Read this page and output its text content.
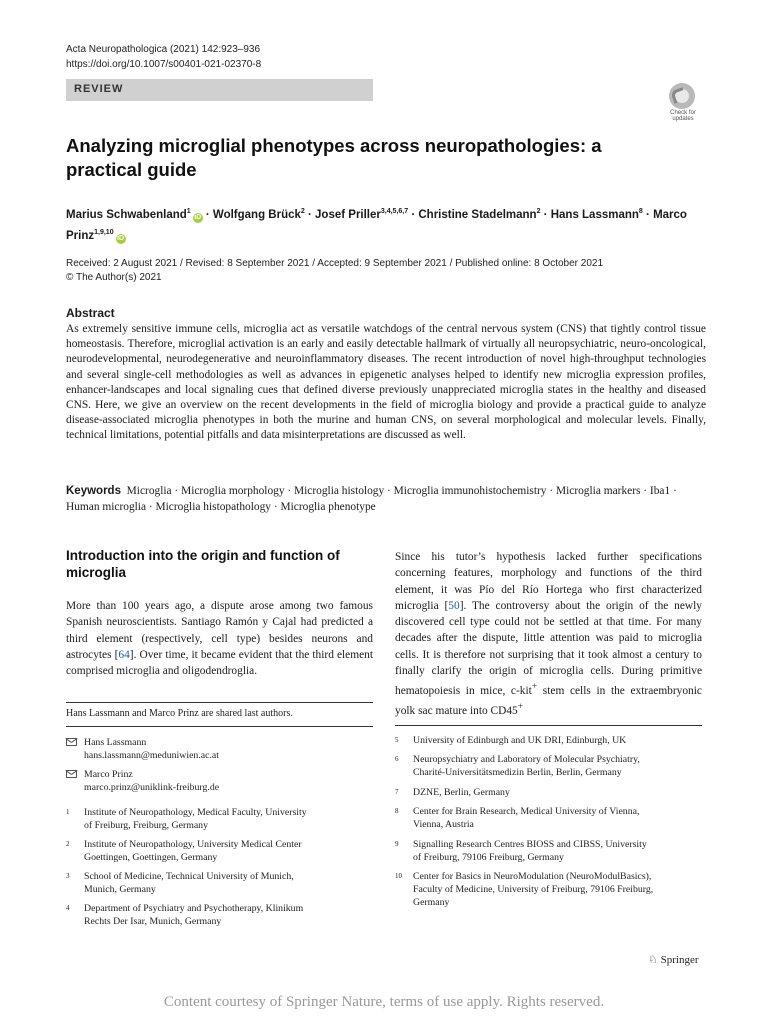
Acta Neuropathologica (2021) 142:923–936
https://doi.org/10.1007/s00401-021-02370-8
REVIEW
Check for
updates
Analyzing microglial phenotypes across neuropathologies: a practical guide
Marius Schwabenland$^1$iD · Wolfgang Brück$^2$ · Josef Priller$^{3,4,5,6,7}$ · Christine Stadelmann$^2$ · Hans Lassmann$^8$ · Marco Prinz$^{1,9,10}$iD
Received: 2 August 2021 / Revised: 8 September 2021 / Accepted: 9 September 2021 / Published online: 8 October 2021
© The Author(s) 2021
Abstract
As extremely sensitive immune cells, microglia act as versatile watchdogs of the central nervous system (CNS) that tightly control tissue homeostasis. Therefore, microglial activation is an early and easily detectable hallmark of virtually all neuropsychiatric, neuro-oncological, neurodevelopmental, neurodegenerative and neuroinflammatory diseases. The recent introduction of novel high-throughput technologies and several single-cell methodologies as well as advances in epigenetic analyses helped to identify new microglia expression profiles, enhancer-landscapes and local signaling cues that defined diverse previously unappreciated microglia states in the healthy and diseased CNS. Here, we give an overview on the recent developments in the field of microglia biology and provide a practical guide to analyze disease-associated microglia phenotypes in both the murine and human CNS, on several morphological and molecular levels. Finally, technical limitations, potential pitfalls and data misinterpretations are discussed as well.
Keywords Microglia · Microglia morphology · Microglia histology · Microglia immunohistochemistry · Microglia markers · Iba1 · Human microglia · Microglia histopathology · Microglia phenotype
Introduction into the origin and function of microglia
More than 100 years ago, a dispute arose among two famous Spanish neuroscientists. Santiago Ramón y Cajal had predicted a third element (respectively, cell type) besides neurons and astrocytes [64]. Over time, it became evident that the third element comprised microglia and oligodendroglia.
Since his tutor’s hypothesis lacked further specifications concerning features, morphology and functions of the third element, it was Pío del Río Hortega who first characterized microglia [50]. The controversy about the origin of the newly discovered cell type could not be settled at that time. For many decades after the dispute, little attention was paid to microglia cells. It is therefore not surprising that it took almost a century to finally clarify the origin of microglia cells. During primitive hematopoiesis in mice, c-kit+ stem cells in the extraembryonic yolk sac mature into CD45+
Hans Lassmann and Marco Prinz are shared last authors.
Hans Lassmann
hans.lassmann@meduniwien.ac.at
Marco Prinz
marco.prinz@uniklink-freiburg.de
1 Institute of Neuropathology, Medical Faculty, University
of Freiburg, Freiburg, Germany
2 Institute of Neuropathology, University Medical Center
Goettingen, Goettingen, Germany
3 School of Medicine, Technical University of Munich,
Munich, Germany
4 Department of Psychiatry and Psychotherapy, Klinikum
Rechts Der Isar, Munich, Germany
5 University of Edinburgh and UK DRI, Edinburgh, UK
6 Neuropsychiatry and Laboratory of Molecular Psychiatry,
Charité-Universitätsmedizin Berlin, Berlin, Germany
7 DZNE, Berlin, Germany
8 Center for Brain Research, Medical University of Vienna,
Vienna, Austria
9 Signalling Research Centres BIOSS and CIBSS, University
of Freiburg, 79106 Freiburg, Germany
10 Center for Basics in NeuroModulation (NeuroModulBasics),
Faculty of Medicine, University of Freiburg, 79106 Freiburg,
Germany
♘ Springer
Content courtesy of Springer Nature, terms of use apply. Rights reserved.
